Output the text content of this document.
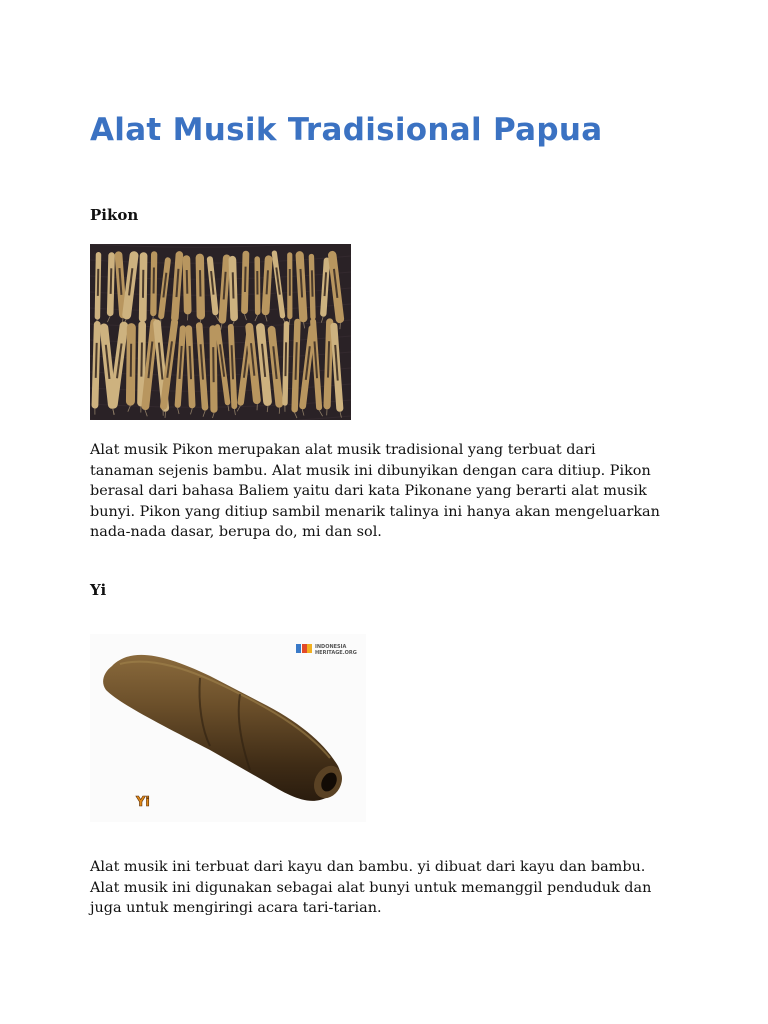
Alat Musik Tradisional Papua
Pikon
Alat musik Pikon merupakan alat musik tradisional yang terbuat dari
tanaman sejenis bambu. Alat musik ini dibunyikan dengan cara ditiup. Pikon
berasal dari bahasa Baliem yaitu dari kata Pikonane yang berarti alat musik
bunyi. Pikon yang ditiup sambil menarik talinya ini hanya akan mengeluarkan
nada-nada dasar, berupa do, mi dan sol.
Yi
INDONESIA
HERITAGE.ORG
Yi
Alat musik ini terbuat dari kayu dan bambu. yi dibuat dari kayu dan bambu.
Alat musik ini digunakan sebagai alat bunyi untuk memanggil penduduk dan
juga untuk mengiringi acara tari-tarian.
